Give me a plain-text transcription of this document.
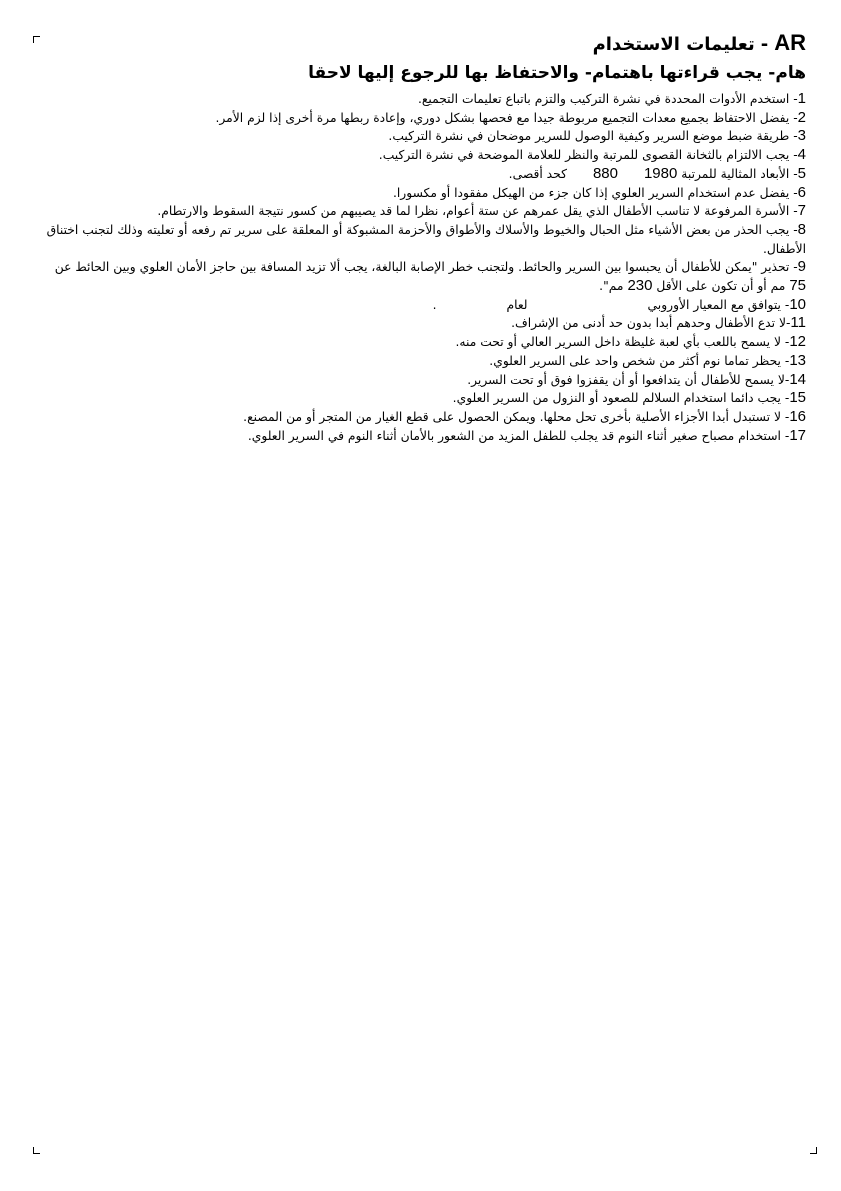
AR
-
تعليمات الاستخدام
هام- يجب قراءتها باهتمام- والاحتفاظ بها للرجوع إليها لاحقا
1- استخدم الأدوات المحددة في نشرة التركيب والتزم باتباع تعليمات التجميع.
2- يفضل الاحتفاظ بجميع معدات التجميع مربوطة جيدا مع فحصها بشكل دوري، وإعادة ربطها مرة أخرى إذا لزم الأمر.
3- طريقة ضبط موضع السرير وكيفية الوصول للسرير موضحان في نشرة التركيب.
4- يجب الالتزام بالثخانة القصوى للمرتبة والنظر للعلامة الموضحة في نشرة التركيب.
5- الأبعاد المثالية للمرتبة 1980880كحد أقصى.
6- يفضل عدم استخدام السرير العلوي إذا كان جزء من الهيكل مفقودا أو مكسورا.
7- الأسرة المرفوعة لا تناسب الأطفال الذي يقل عمرهم عن ستة أعوام، نظرا لما قد يصيبهم من كسور نتيجة السقوط والارتطام.
8- يجب الحذر من بعض الأشياء مثل الحبال والخيوط والأسلاك والأطواق والأحزمة المشبوكة أو المعلقة على سرير تم رفعه أو تعليته وذلك لتجنب اختناق الأطفال.
9- تحذير "يمكن للأطفال أن يحبسوا بين السرير والحائط. ولتجنب خطر الإصابة البالغة، يجب ألا تزيد المسافة بين حاجز الأمان العلوي وبين الحائط عن 75 مم أو أن تكون على الأقل 230 مم".
10- يتوافق مع المعيار الأوروبيلعام.
11-لا تدع الأطفال وحدهم أبدا بدون حد أدنى من الإشراف.
12- لا يسمح باللعب بأي لعبة غليظة داخل السرير العالي أو تحت منه.
13- يحظر تماما نوم أكثر من شخص واحد على السرير العلوي.
14-لا يسمح للأطفال أن يتدافعوا أو أن يقفزوا فوق أو تحت السرير.
15- يجب دائما استخدام السلالم للصعود أو النزول من السرير العلوي.
16- لا تستبدل أبدا الأجزاء الأصلية بأخرى تحل محلها. ويمكن الحصول على قطع الغيار من المتجر أو من المصنع.
17- استخدام مصباح صغير أثناء النوم قد يجلب للطفل المزيد من الشعور بالأمان أثناء النوم في السرير العلوي.
